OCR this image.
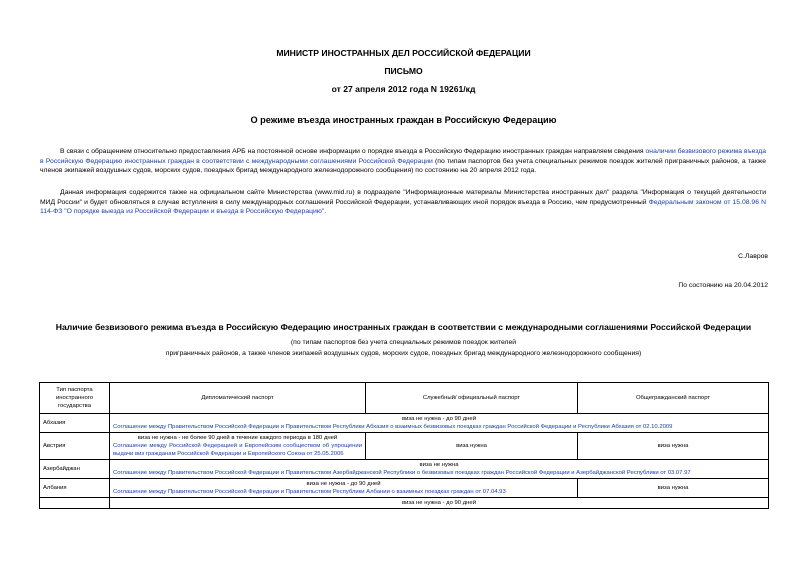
МИНИСТР ИНОСТРАННЫХ ДЕЛ РОССИЙСКОЙ ФЕДЕРАЦИИ
ПИСЬМО
от 27 апреля 2012 года N 19261/кд
О режиме въезда иностранных граждан в Российскую Федерацию

В связи с обращением относительно предоставления АРБ на постоянной основе информации о порядке въезда в Российскую Федерацию иностранных граждан направляем сведения оналичии безвизового режима въезда в Российскую Федерацию иностранных граждан в соответствии с международными соглашениями Российской Федерации (по типам паспортов без учета специальных режимов поездок жителей приграничных районов, а также членов экипажей воздушных судов, морских судов, поездных бригад международного железнодорожного сообщения) по состоянию на 20 апреля 2012 года.

Данная информация содержится также на официальном сайте Министерства (www.mid.ru) в подразделе "Информационные материалы Министерства иностранных дел" раздела "Информация о текущей деятельности МИД России" и будет обновляться в случае вступления в силу международных соглашений Российской Федерации, устанавливающих иной порядок въезда в Россию, чем предусмотренный Федеральным законом от 15.08.96 N 114-ФЗ "О порядке выезда из Российской Федерации и въезда в Российскую Федерацию".

С.Лавров
По состоянию на 20.04.2012
Наличие безвизового режима въезда в Российскую Федерацию иностранных граждан в соответствии с международными соглашениями Российской Федерации
(по типам паспортов без учета специальных режимов поездок жителей
приграничных районов, а также членов экипажей воздушных судов, морских судов, поездных бригад международного железнодорожного сообщения)
Тип паспорта иностранного государства	Дипломатический паспорт	Служебный/ официальный паспорт	Общегражданский паспорт
Абхазия	виза не нужна - до 90 дней
Соглашение между Правительством Российской Федерации и Правительством Республики Абхазия о взаимных безвизовых поездках граждан Российской Федерации и Республики Абхазия от 02.10.2009		

Австрия	виза не нужна - не более 90 дней в течение каждого периода в 180 дней
Соглашение между Российской Федерацией и Европейским сообществом об упрощении выдачи виз гражданам Российской Федерации и Европейского Союза от 25.05.2006	виза нужна	виза нужна
Азербайджан	виза не нужна
Соглашение между Правительством Российской Федерации и Правительством Азербайджанской Республики о безвизовых поездках граждан Российской Федерации и Азербайджанской Республики от 03.07.97		

Албания	виза не нужна - до 90 дней
Соглашение между Правительством Российской Федерации и Правительством Республики Албании о взаимных поездках граждан от 07.04.93		виза нужна

	виза не нужна - до 90 дней		
